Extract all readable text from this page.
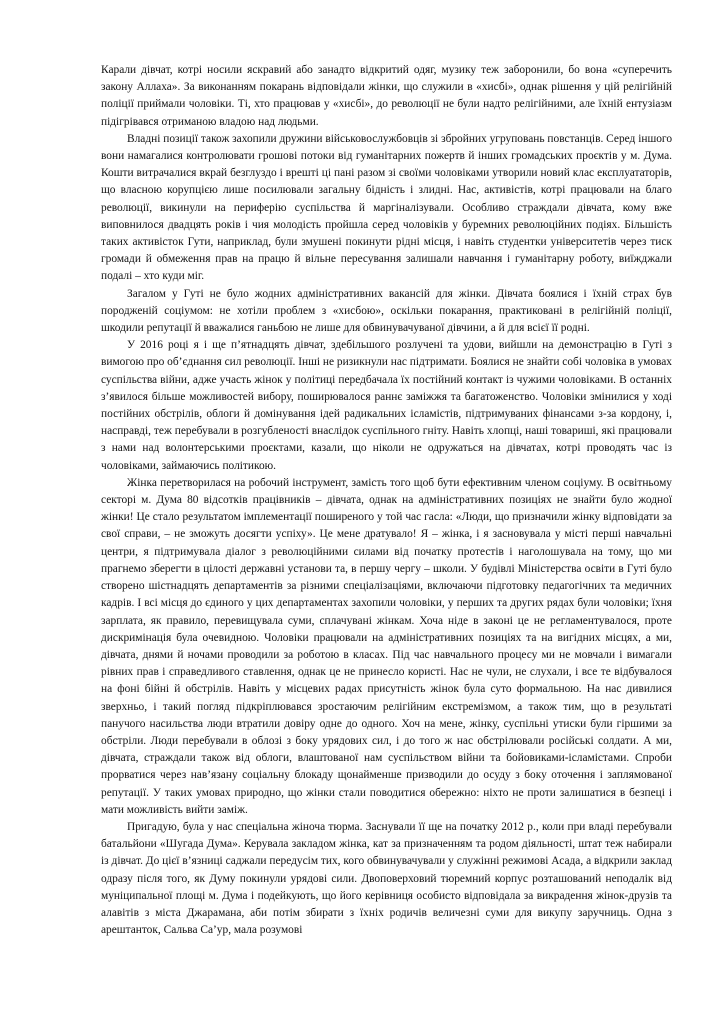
Карали дівчат, котрі носили яскравий або занадто відкритий одяг, музику теж заборонили, бо вона «суперечить закону Аллаха». За виконанням покарань відповідали жінки, що служили в «хисбі», однак рішення у цій релігійній поліції приймали чоловіки. Ті, хто працював у «хисбі», до революції не були надто релігійними, але їхній ентузіазм підігрівався отриманою владою над людьми.

Владні позиції також захопили дружини військовослужбовців зі збройних угруповань повстанців. Серед іншого вони намагалися контролювати грошові потоки від гуманітарних пожертв й інших громадських проєктів у м. Дума. Кошти витрачалися вкрай безглуздо і врешті ці пані разом зі своїми чоловіками утворили новий клас експлуататорів, що власною корупцією лише посилювали загальну бідність і злидні. Нас, активістів, котрі працювали на благо революції, викинули на периферію суспільства й маргіналізували. Особливо страждали дівчата, кому вже виповнилося двадцять років і чия молодість пройшла серед чоловіків у буремних революційних подіях. Більшість таких активісток Гути, наприклад, були змушені покинути рідні місця, і навіть студентки університетів через тиск громади й обмеження прав на працю й вільне пересування залишали навчання і гуманітарну роботу, виїжджали подалі – хто куди міг.

Загалом у Гуті не було жодних адміністративних вакансій для жінки. Дівчата боялися і їхній страх був породженій соціумом: не хотіли проблем з «хисбою», оскільки покарання, практиковані в релігійній поліції, шкодили репутації й вважалися ганьбою не лише для обвинувачуваної дівчини, а й для всієї її родні.

У 2016 році я і ще п’ятнадцять дівчат, здебільшого розлучені та удови, вийшли на демонстрацію в Гуті з вимогою про об’єднання сил революції. Інші не ризикнули нас підтримати. Боялися не знайти собі чоловіка в умовах суспільства війни, адже участь жінок у політиці передбачала їх постійний контакт із чужими чоловіками. В останніх з’явилося більше можливостей вибору, поширювалося раннє заміжжя та багатоженство. Чоловіки змінилися у ході постійних обстрілів, облоги й домінування ідей радикальних ісламістів, підтримуваних фінансами з-за кордону, і, насправді, теж перебували в розгубленості внаслідок суспільного гніту. Навіть хлопці, наші товариші, які працювали з нами над волонтерськими проєктами, казали, що ніколи не одружаться на дівчатах, котрі проводять час із чоловіками, займаючись політикою.

Жінка перетворилася на робочий інструмент, замість того щоб бути ефективним членом соціуму. В освітньому секторі м. Дума 80 відсотків працівників – дівчата, однак на адміністративних позиціях не знайти було жодної жінки! Це стало результатом імплементації поширеного у той час гасла: «Люди, що призначили жінку відповідати за свої справи, – не зможуть досягти успіху». Це мене дратувало! Я – жінка, і я засновувала у місті перші навчальні центри, я підтримувала діалог з революційними силами від початку протестів і наголошувала на тому, що ми прагнемо зберегти в цілості державні установи та, в першу чергу – школи. У будівлі Міністерства освіти в Гуті було створено шістнадцять департаментів за різними спеціалізаціями, включаючи підготовку педагогічних та медичних кадрів. І всі місця до єдиного у цих департаментах захопили чоловіки, у перших та других рядах були чоловіки; їхня зарплата, як правило, перевищувала суми, сплачувані жінкам. Хоча ніде в законі це не регламентувалося, проте дискримінація була очевидною. Чоловіки працювали на адміністративних позиціях та на вигідних місцях, а ми, дівчата, днями й ночами проводили за роботою в класах. Під час навчального процесу ми не мовчали і вимагали рівних прав і справедливого ставлення, однак це не принесло користі. Нас не чули, не слухали, і все те відбувалося на фоні бійні й обстрілів. Навіть у місцевих радах присутність жінок була суто формальною. На нас дивилися зверхньо, і такий погляд підкріплювався зростаючим релігійним екстремізмом, а також тим, що в результаті панучого насильства люди втратили довіру одне до одного. Хоч на мене, жінку, суспільні утиски були гіршими за обстріли. Люди перебували в облозі з боку урядових сил, і до того ж нас обстрілювали російські солдати. А ми, дівчата, страждали також від облоги, влаштованої нам суспільством війни та бойовиками-ісламістами. Спроби прорватися через нав’язану соціальну блокаду щонайменше призводили до осуду з боку оточення і заплямованої репутації. У таких умовах природно, що жінки стали поводитися обережно: ніхто не проти залишатися в безпеці і мати можливість вийти заміж.

Пригадую, була у нас спеціальна жіноча тюрма. Заснували її ще на початку 2012 р., коли при владі перебували батальйони «Шугада Дума». Керувала закладом жінка, кат за призначенням та родом діяльності, штат теж набирали із дівчат. До цієї в’язниці саджали передусім тих, кого обвинувачували у служінні режимові Асада, а відкрили заклад одразу після того, як Думу покинули урядові сили. Двоповерховий тюремний корпус розташований неподалік від муніципальної площі м. Дума і подейкують, що його керівниця особисто відповідала за викрадення жінок-друзів та алавітів з міста Джарамана, аби потім збирати з їхніх родичів величезні суми для викупу заручниць. Одна з арештанток, Сальва Са’ур, мала розумові
